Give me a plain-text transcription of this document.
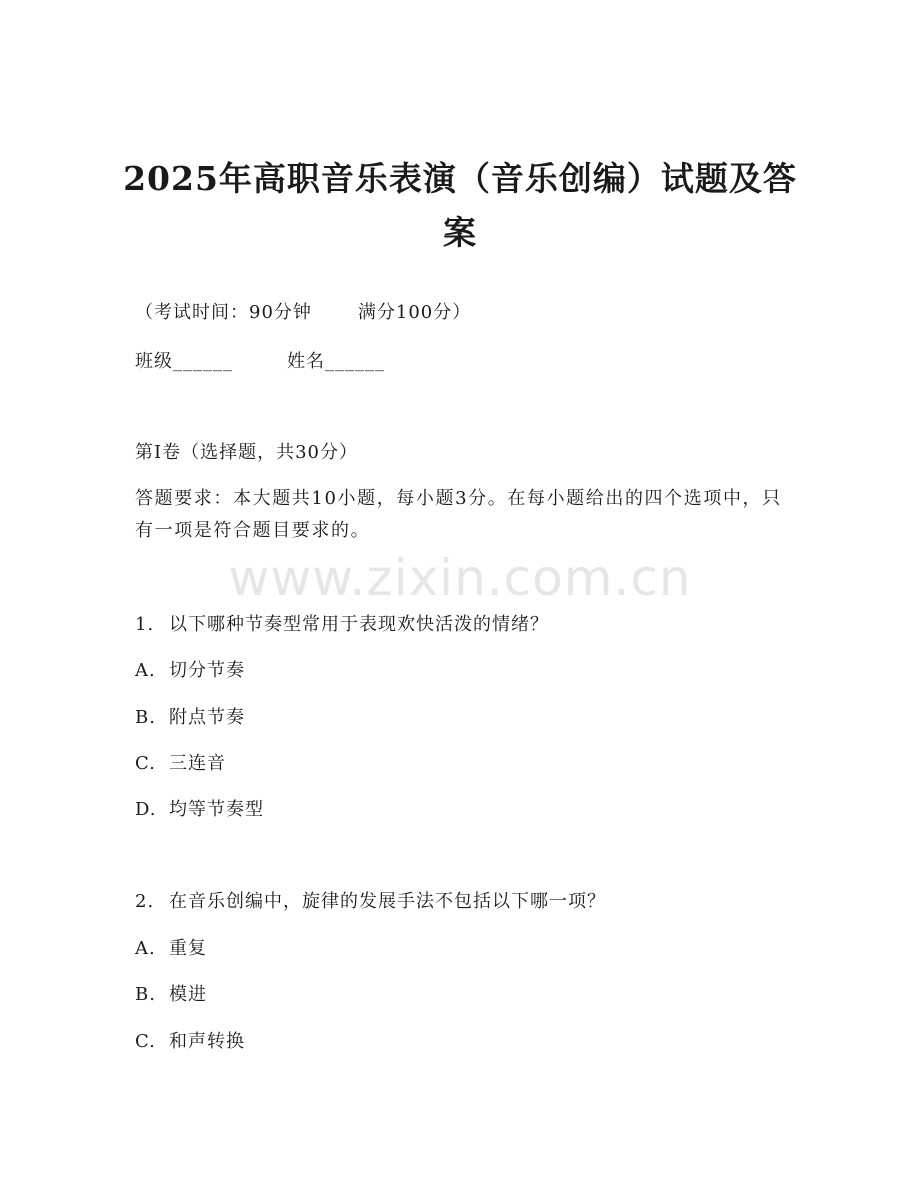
2025年高职音乐表演（音乐创编）试题及答案
（考试时间：90分钟	满分100分）
班级______	姓名______
第I卷（选择题，共30分）

答题要求：本大题共10小题，每小题3分。在每小题给出的四个选项中，只有一项是符合题目要求的。

www.zixin.com.cn
1. 以下哪种节奏型常用于表现欢快活泼的情绪？
A. 切分节奏
B. 附点节奏
C. 三连音
D. 均等节奏型
2. 在音乐创编中，旋律的发展手法不包括以下哪一项？
A. 重复
B. 模进
C. 和声转换
